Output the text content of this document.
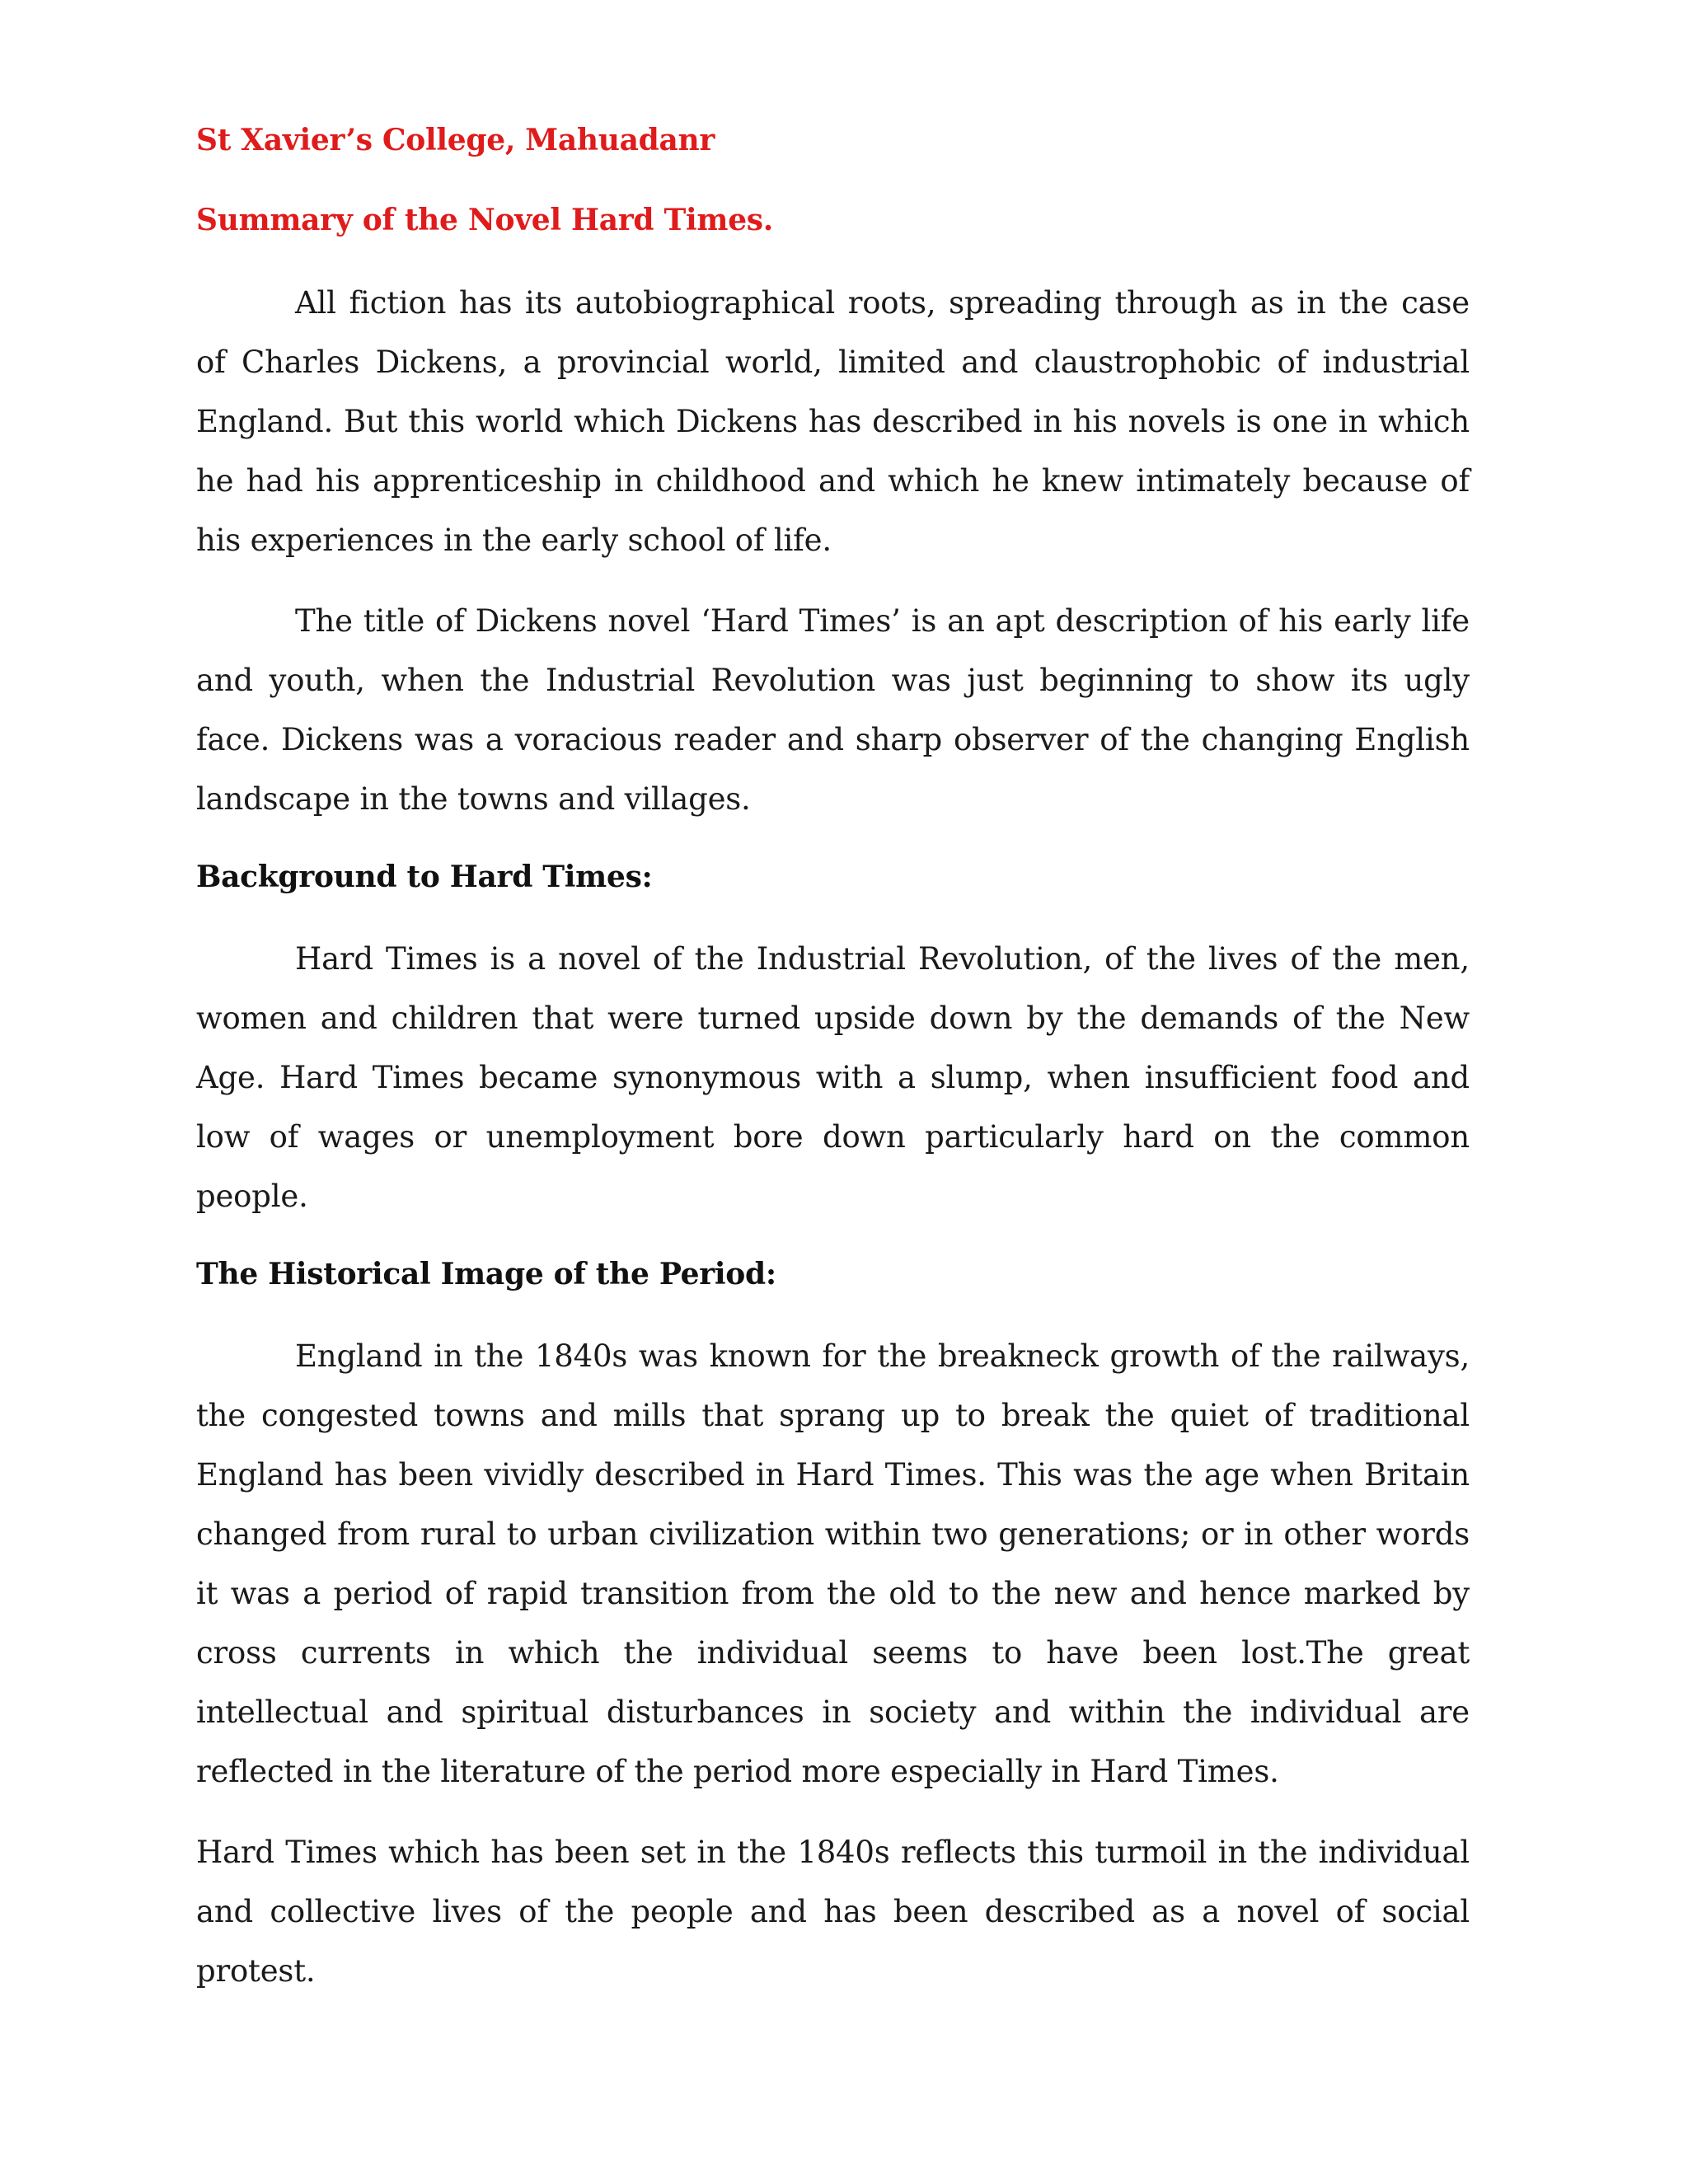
St Xavier’s College, Mahuadanr
Summary of the Novel Hard Times.

All fiction has its autobiographical roots, spreading through as in the case of Charles Dickens, a provincial world, limited and claustrophobic of industrial England. But this world which Dickens has described in his novels is one in which he had his apprenticeship in childhood and which he knew intimately because of his experiences in the early school of life.

The title of Dickens novel ‘Hard Times’ is an apt description of his early life and youth, when the Industrial Revolution was just beginning to show its ugly face. Dickens was a voracious reader and sharp observer of the changing English landscape in the towns and villages.

Background to Hard Times:

Hard Times is a novel of the Industrial Revolution, of the lives of the men, women and children that were turned upside down by the demands of the New Age. Hard Times became synonymous with a slump, when insufficient food and low of wages or unemployment bore down particularly hard on the common people.

The Historical Image of the Period:

England in the 1840s was known for the breakneck growth of the railways, the congested towns and mills that sprang up to break the quiet of traditional England has been vividly described in Hard Times. This was the age when Britain changed from rural to urban civilization within two generations; or in other words it was a period of rapid transition from the old to the new and hence marked by cross currents in which the individual seems to have been lost.The great intellectual and spiritual disturbances in society and within the individual are reflected in the literature of the period more especially in Hard Times.

Hard Times which has been set in the 1840s reflects this turmoil in the individual and collective lives of the people and has been described as a novel of social protest.
